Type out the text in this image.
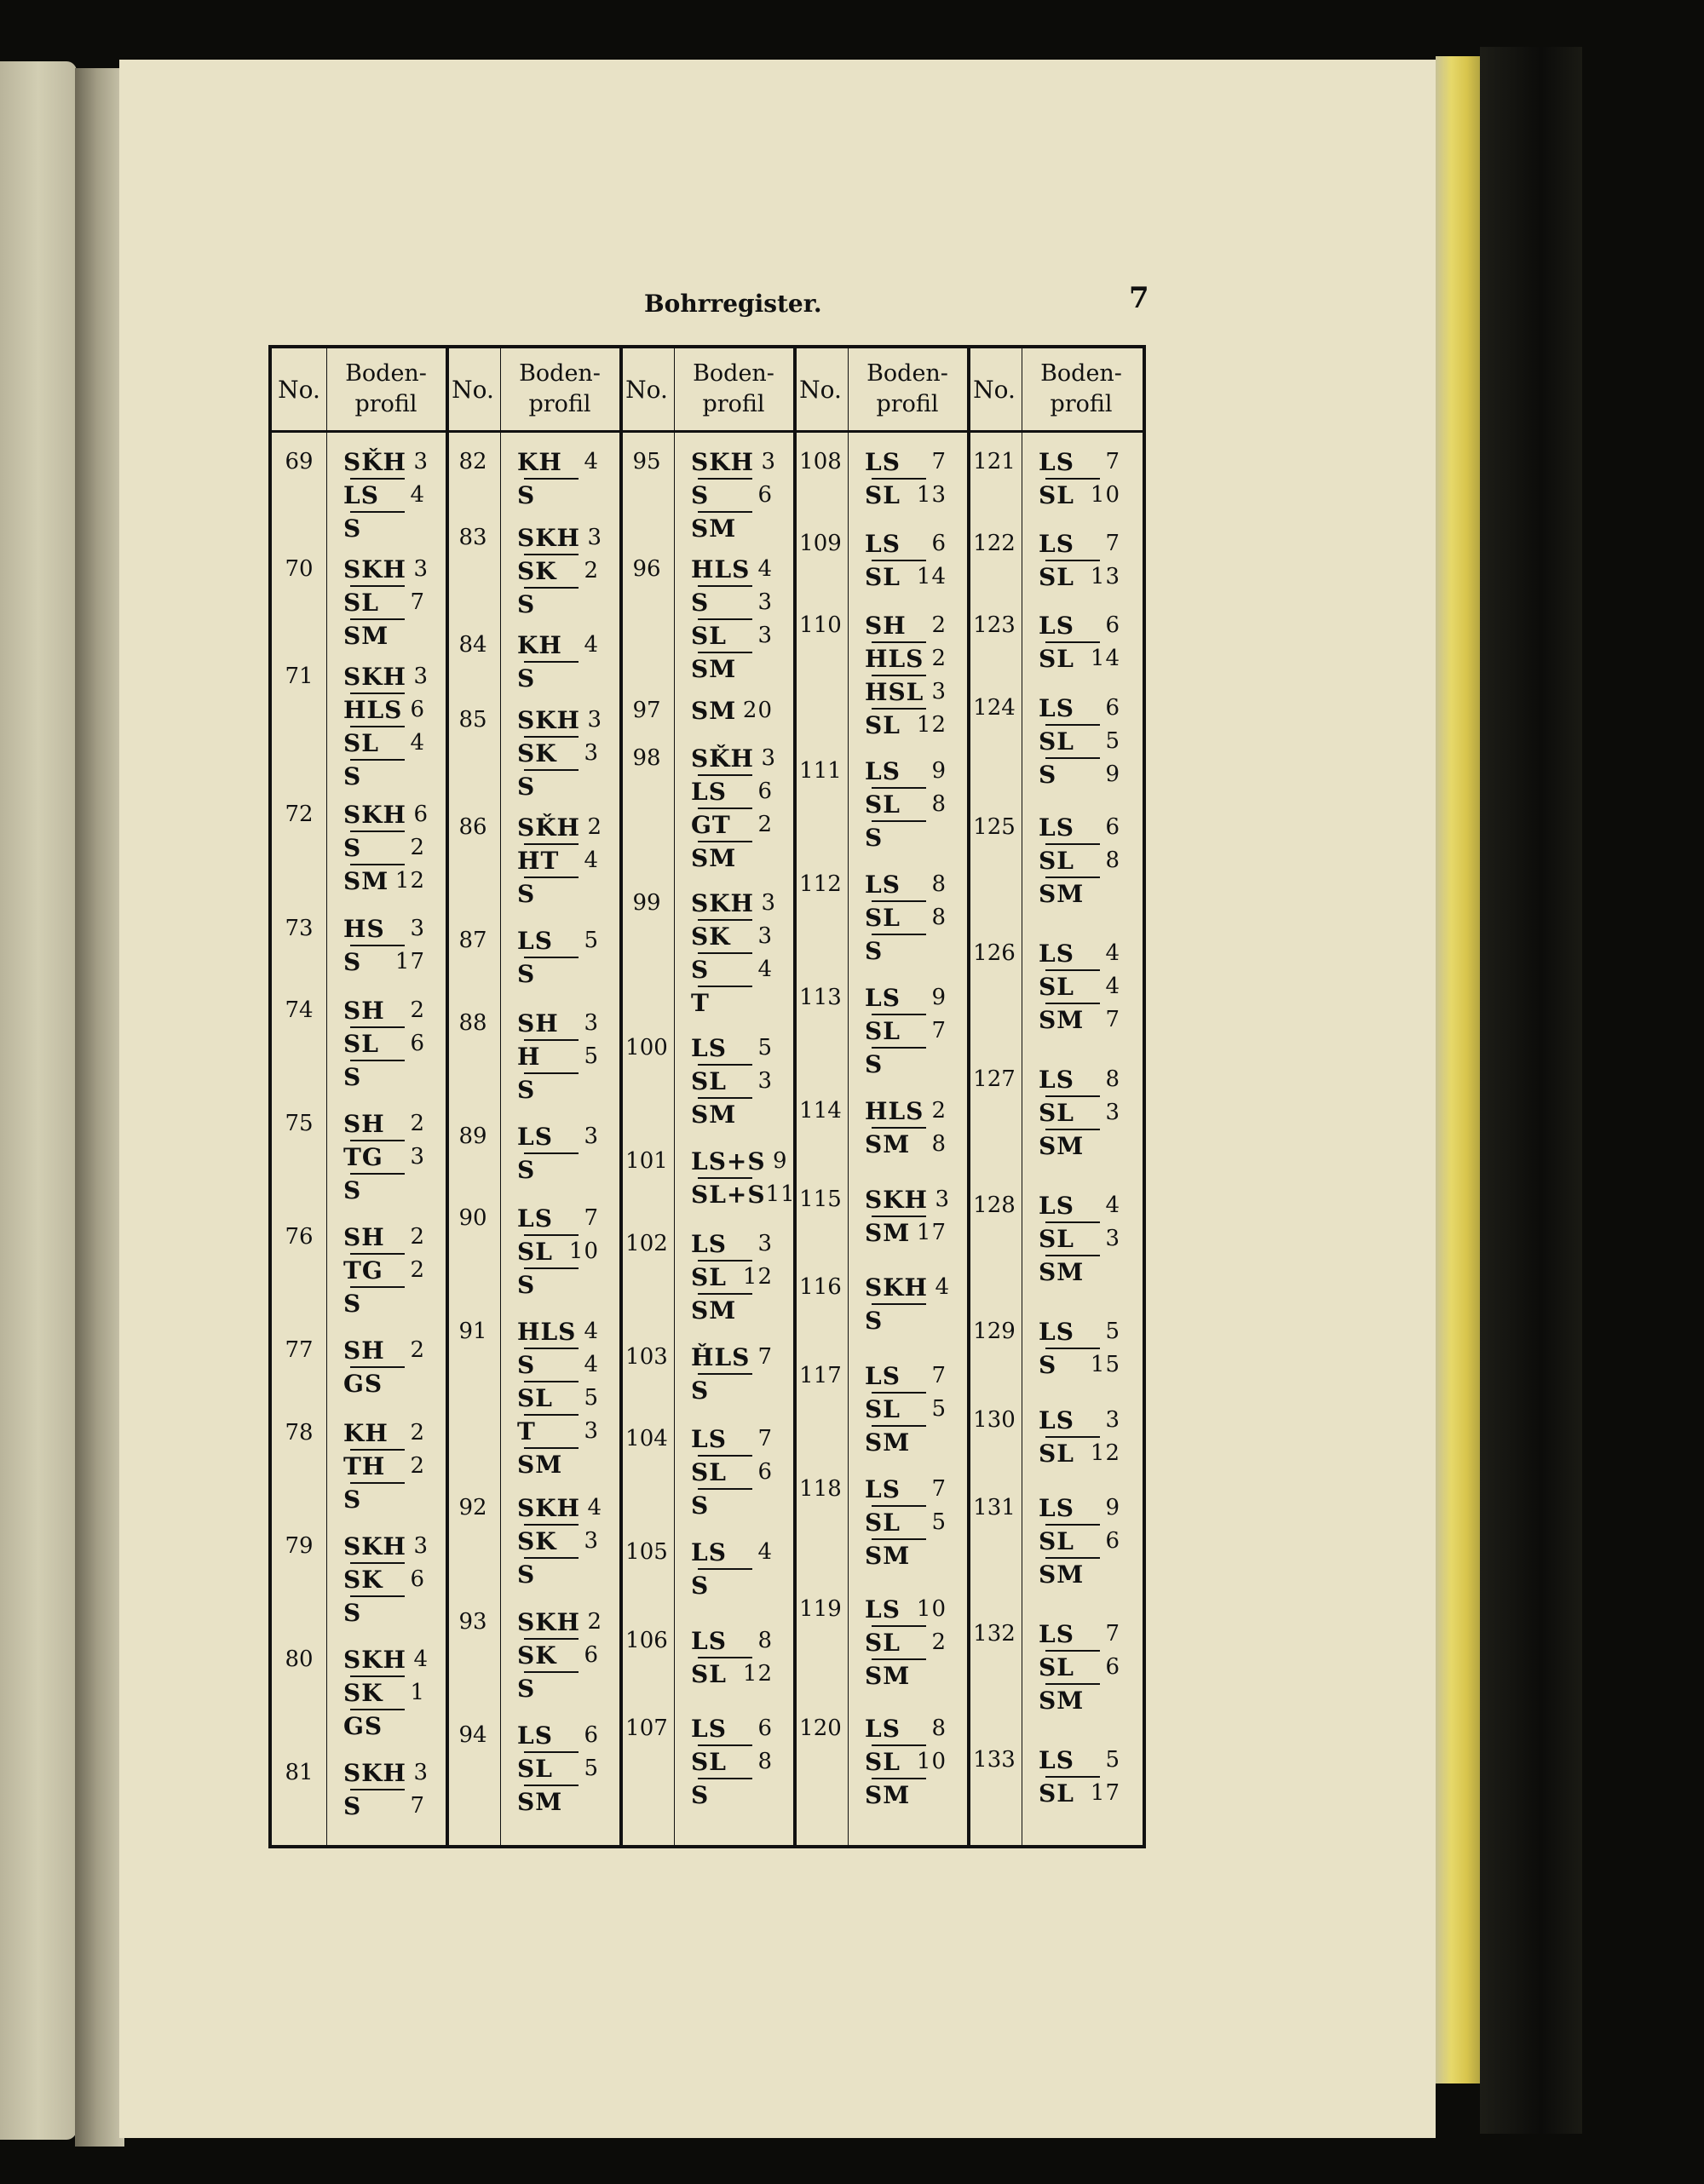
Bohrregister.	7
No.
Boden-
profil
69	SǨH 3
LS	4
S
70	SKH 3
SL	7
SM
71	SKH 3
HLS 6
SL	4
S
72	SKH 6
S	2
SM 12
73	HS	3
S 17
74	SH	2
SL	6
S
75	SH	2
TG	3
S
76	SH	2
TG	2
S
77	SH	2
GS
78	KH 2
TH	2
S
79	SKH 3
SK	6
S
80	SKH 4
SK	1
GS
81	SKH 3
S	7
No.
Boden-
profil
82	KH 4
S
83	SKH 3
SK	2
S
84	KH 4
S
85	SKH 3
SK	3
S
86	SǨH 2
HT	4
S
87	LS	5
S
88	SH	3
H	5
S
89	LS	3
S
90	LS	7
SL 10
S
91	HLS 4
S	4
SL	5
T	3
SM
92	SKH 4
SK	3
S
93	SKH 2
SK	6
S
94	LS	6
SL	5
SM
No.
Boden-
profil
95	SKH 3
S	6
SM
96	HLS 4
S	3
SL	3
SM
97	SM 20
98	SǨH 3
LS	6
GT	2
SM
99	SKH 3
SK	3
S	4
T
100 LS	5
SL	3
SM
101 LS+S 9
SL+S 11
102 LS	3
SL 12
SM
103 ȞLS 7
S
104 LS	7
SL	6
S
105 LS	4
S
106 LS	8
SL 12
107 LS	6
SL	8
S
No.
Boden-
profil
108 LS	7
SL 13
109 LS	6
SL 14
110 SH	2
HLS 2
HSL 3
SL 12
111 LS	9
SL	8
S
112 LS	8
SL	8
S
113 LS	9
SL	7
S
114 HLS 2
SM 8
115 SKH 3
SM 17
116 SKH 4
S
117 LS	7
SL	5
SM
118 LS	7
SL	5
SM
119 LS 10
SL	2
SM
120 LS	8
SL 10
SM
No.
Boden-
profil
121 LS	7
SL 10
122 LS	7
SL 13
123 LS	6
SL 14
124 LS	6
SL	5
S	9
125 LS	6
SL	8
SM
126 LS	4
SL	4
SM 7
127 LS	8
SL	3
SM
128 LS	4
SL	3
SM
129 LS	5
S 15
130 LS	3
SL 12
131 LS	9
SL	6
SM
132 LS	7
SL	6
SM
133 LS	5
SL 17
